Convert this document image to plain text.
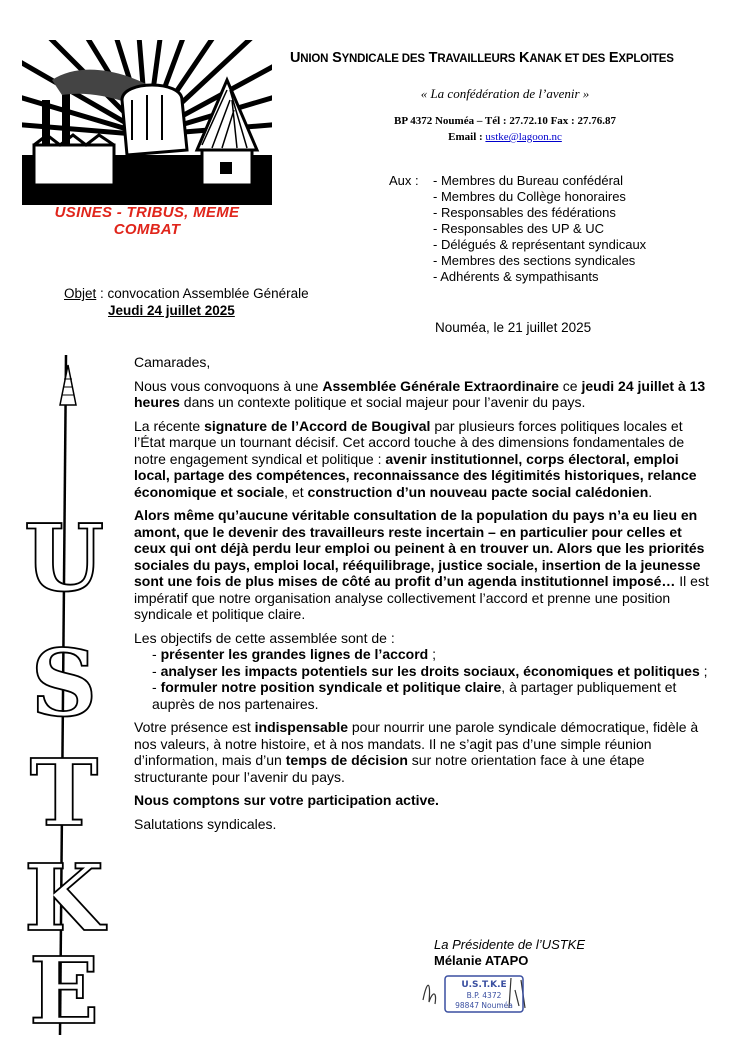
UNION SYNDICALE DES TRAVAILLEURS KANAK ET DES EXPLOITES
« La confédération de l’avenir »
BP 4372 Nouméa – Tél : 27.72.10 Fax : 27.76.87
Email : ustke@lagoon.nc
USINES - TRIBUS, MEME COMBAT
Aux : - Membres du Bureau confédéral
- Membres du Collège honoraires
- Responsables des fédérations
- Responsables des UP & UC
- Délégués & représentant syndicaux
- Membres des sections syndicales
- Adhérents & sympathisants
Objet : convocation Assemblée Générale
Jeudi 24 juillet 2025
Nouméa, le 21 juillet 2025
U
S
T
K
E

Camarades,

Nous vous convoquons à une Assemblée Générale Extraordinaire ce jeudi 24 juillet à 13 heures dans un contexte politique et social majeur pour l’avenir du pays.

La récente signature de l’Accord de Bougival par plusieurs forces politiques locales et l’État marque un tournant décisif. Cet accord touche à des dimensions fondamentales de notre engagement syndical et politique : avenir institutionnel, corps électoral, emploi local, partage des compétences, reconnaissance des légitimités historiques, relance économique et sociale, et construction d’un nouveau pacte social calédonien.

Alors même qu’aucune véritable consultation de la population du pays n’a eu lieu en amont, que le devenir des travailleurs reste incertain – en particulier pour celles et ceux qui ont déjà perdu leur emploi ou peinent à en trouver un. Alors que les priorités sociales du pays, emploi local, rééquilibrage, justice sociale, insertion de la jeunesse sont une fois de plus mises de côté au profit d’un agenda institutionnel imposé… Il est impératif que notre organisation analyse collectivement l’accord et prenne une position syndicale et politique claire.

Les objectifs de cette assemblée sont de :

- présenter les grandes lignes de l’accord ;
- analyser les impacts potentiels sur les droits sociaux, économiques et politiques ;
- formuler notre position syndicale et politique claire, à partager publiquement et auprès de nos partenaires.

Votre présence est indispensable pour nourrir une parole syndicale démocratique, fidèle à nos valeurs, à notre histoire, et à nos mandats. Il ne s’agit pas d’une simple réunion d’information, mais d’un temps de décision sur notre orientation face à une étape structurante pour l’avenir du pays.

Nous comptons sur votre participation active.

Salutations syndicales.

La Présidente de l’USTKE
Mélanie ATAPO
U.S.T.K.E
B.P. 4372
98847 Nouméa
